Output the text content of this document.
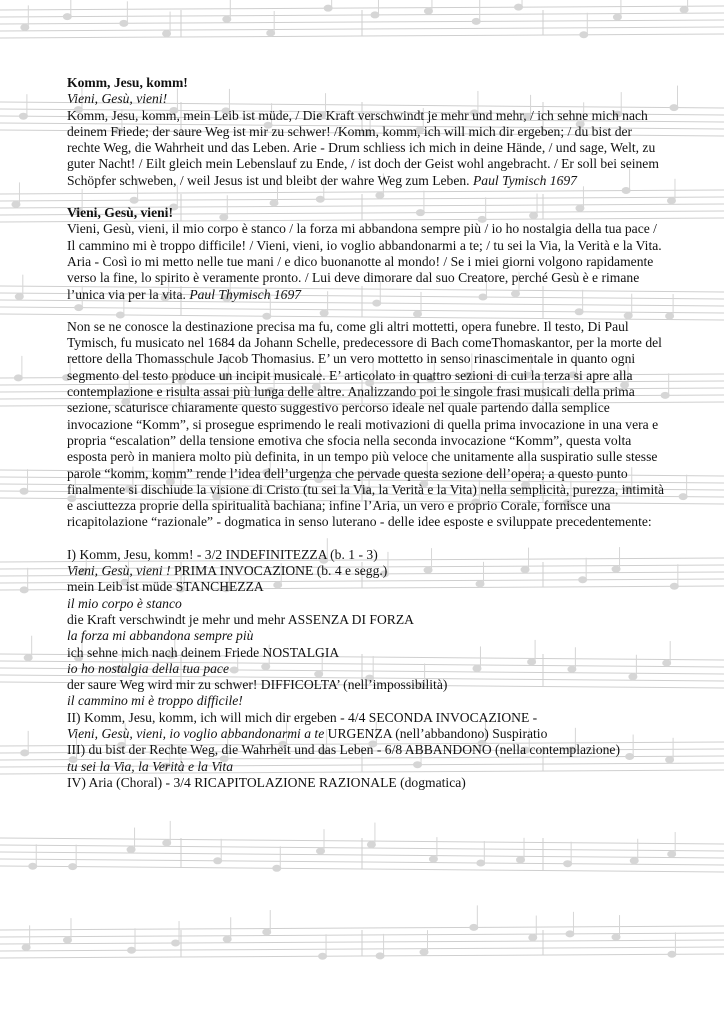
Komm, Jesu, komm!
Vieni, Gesù, vieni!

Komm, Jesu, komm, mein Leib ist müde, / Die Kraft verschwindt je mehr und mehr, / ich sehne mich nach deinem Friede; der saure Weg ist mir zu schwer! /Komm, komm, ich will mich dir ergeben; / du bist der rechte Weg, die Wahrheit und das Leben. Arie - Drum schliess ich mich in deine Hände, / und sage, Welt, zu guter Nacht! / Eilt gleich mein Lebenslauf zu Ende, / ist doch der Geist wohl angebracht. / Er soll bei seinem Schöpfer schweben, / weil Jesus ist und bleibt der wahre Weg zum Leben. Paul Tymisch 1697

Vieni, Gesù, vieni!

Vieni, Gesù, vieni, il mio corpo è stanco / la forza mi abbandona sempre più / io ho nostalgia della tua pace / Il cammino mi è troppo difficile! / Vieni, vieni, io voglio abbandonarmi a te; / tu sei la Via, la Verità e la Vita. Aria - Così io mi metto nelle tue mani / e dico buonanotte al mondo! / Se i miei giorni volgono rapidamente verso la fine, lo spirito è veramente pronto. / Lui deve dimorare dal suo Creatore, perché Gesù è e rimane l’unica via per la vita. Paul Thymisch 1697

Non se ne conosce la destinazione precisa ma fu, come gli altri mottetti, opera funebre. Il testo, Di Paul Tymisch, fu musicato nel 1684 da Johann Schelle, predecessore di Bach comeThomaskantor, per la morte del rettore della Thomasschule Jacob Thomasius. E’ un vero mottetto in senso rinascimentale in quanto ogni segmento del testo produce un incipit musicale. E’ articolato in quattro sezioni di cui la terza si apre alla contemplazione e risulta assai più lunga delle altre. Analizzando poi le singole frasi musicali della prima sezione, scaturisce chiaramente questo suggestivo percorso ideale nel quale partendo dalla semplice invocazione “Komm”, si prosegue esprimendo le reali motivazioni di quella prima invocazione in una vera e propria “escalation” della tensione emotiva che sfocia nella seconda invocazione “Komm”, questa volta esposta però in maniera molto più definita, in un tempo più veloce che unitamente alla suspiratio sulle stesse parole “komm, komm” rende l’idea dell’urgenza che pervade questa sezione dell’opera; a questo punto finalmente si dischiude la visione di Cristo (tu sei la Via, la Verità e la Vita) nella semplicità, purezza, intimità e asciuttezza proprie della spiritualità bachiana; infine l’Aria, un vero e proprio Corale, fornisce una ricapitolazione “razionale” - dogmatica in senso luterano - delle idee esposte e sviluppate precedentemente:

I) Komm, Jesu, komm! - 3/2 INDEFINITEZZA (b. 1 - 3)
Vieni, Gesù, vieni ! PRIMA INVOCAZIONE (b. 4 e segg.)
mein Leib ist müde STANCHEZZA
il mio corpo è stanco
die Kraft verschwindt je mehr und mehr ASSENZA DI FORZA
la forza mi abbandona sempre più
ich sehne mich nach deinem Friede NOSTALGIA
io ho nostalgia della tua pace
der saure Weg wird mir zu schwer! DIFFICOLTA’ (nell’impossibilità)
il cammino mi è troppo difficile!
II) Komm, Jesu, komm, ich will mich dir ergeben - 4/4 SECONDA INVOCAZIONE -
Vieni, Gesù, vieni, io voglio abbandonarmi a te URGENZA (nell’abbandono) Suspiratio
III) du bist der Rechte Weg, die Wahrheit und das Leben - 6/8 ABBANDONO (nella contemplazione)
tu sei la Via, la Verità e la Vita
IV) Aria (Choral) - 3/4 RICAPITOLAZIONE RAZIONALE (dogmatica)
